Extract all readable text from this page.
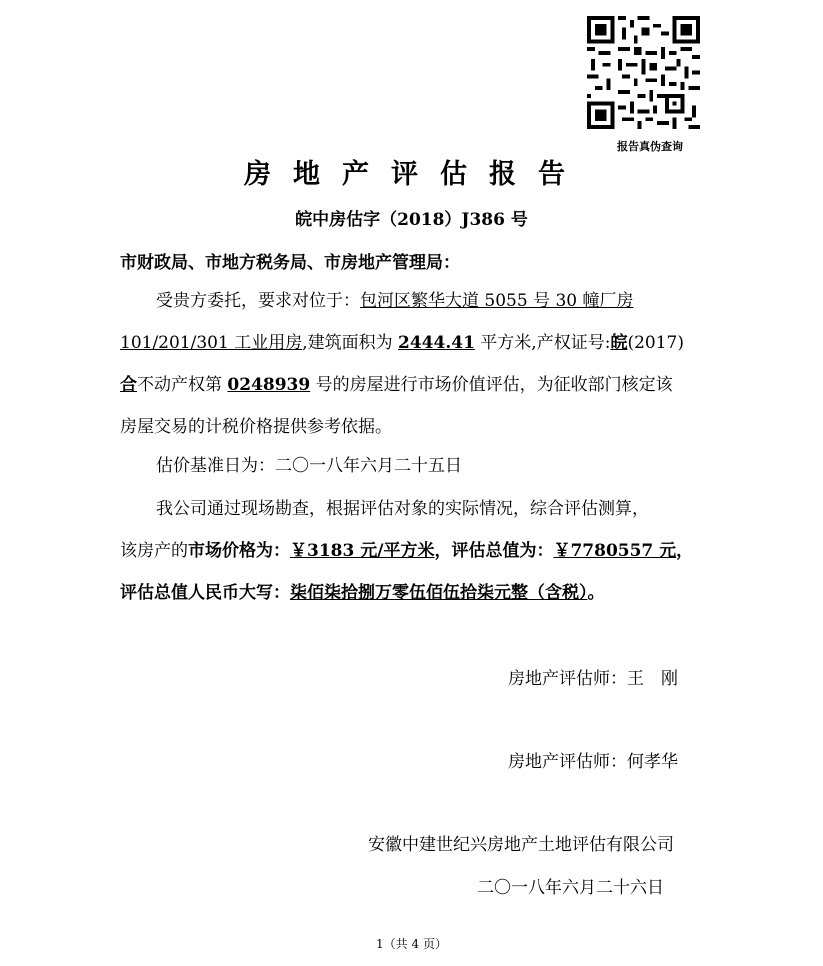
报告真伪查询
房地产评估报告
皖中房估字（2018）J386 号
市财政局、市地方税务局、市房地产管理局：
受贵方委托，要求对位于：包河区繁华大道 5055 号 30 幢厂房
101/201/301 工业用房,建筑面积为 2444.41 平方米,产权证号:皖(2017)
合不动产权第 0248939 号的房屋进行市场价值评估，为征收部门核定该
房屋交易的计税价格提供参考依据。
估价基准日为：二〇一八年六月二十五日
我公司通过现场勘查，根据评估对象的实际情况，综合评估测算，
该房产的市场价格为：￥3183 元/平方米，评估总值为：￥7780557 元，
评估总值人民币大写：柒佰柒拾捌万零伍佰伍拾柒元整（含税）。
房地产评估师：王　刚
房地产评估师：何孝华
安徽中建世纪兴房地产土地评估有限公司
二〇一八年六月二十六日
1（共 4 页）
